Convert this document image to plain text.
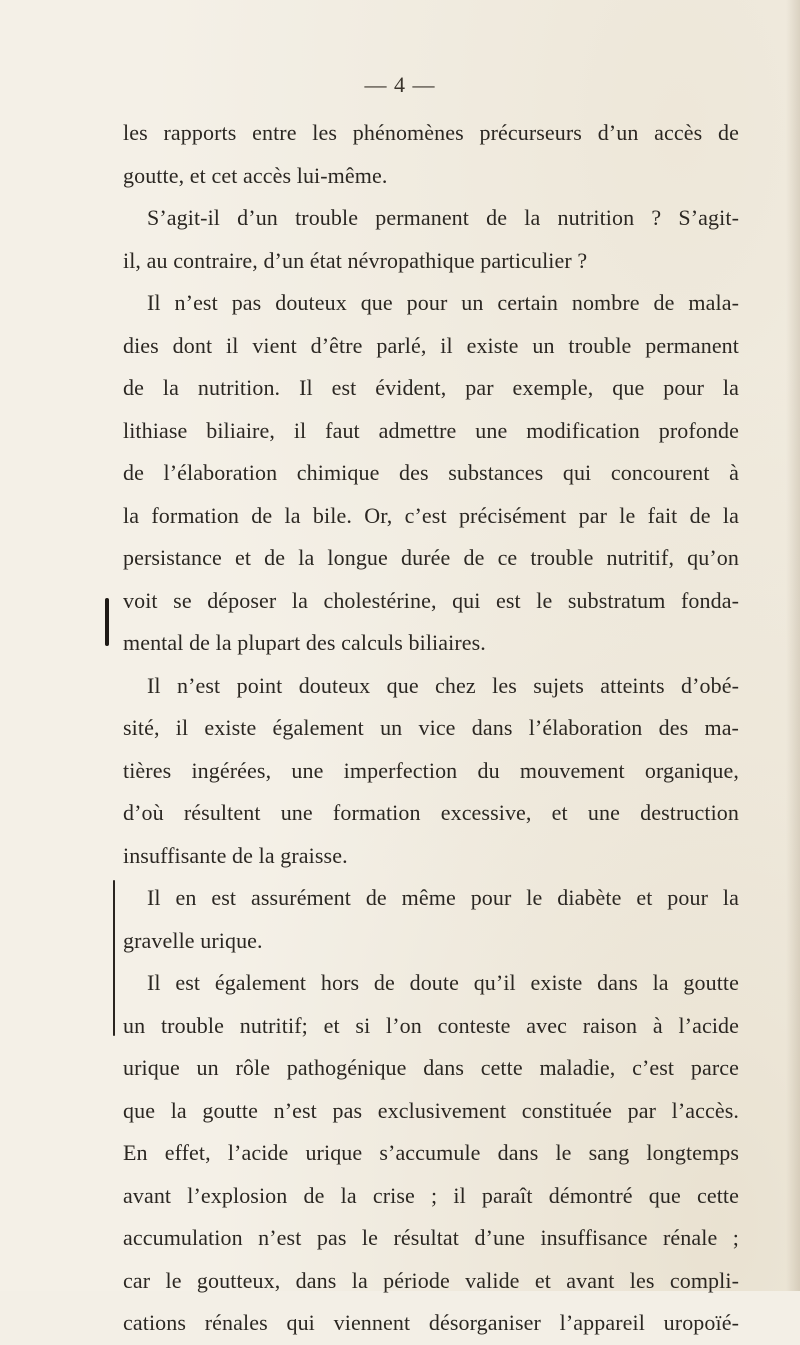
— 4 —
les rapports entre les phénomènes précurseurs d’un accès de
goutte, et cet accès lui-même.
S’agit-il d’un trouble permanent de la nutrition ? S’agit-
il, au contraire, d’un état névropathique particulier ?
Il n’est pas douteux que pour un certain nombre de mala-
dies dont il vient d’être parlé, il existe un trouble permanent
de la nutrition. Il est évident, par exemple, que pour la
lithiase biliaire, il faut admettre une modification profonde
de l’élaboration chimique des substances qui concourent à
la formation de la bile. Or, c’est précisément par le fait de la
persistance et de la longue durée de ce trouble nutritif, qu’on
voit se déposer la cholestérine, qui est le substratum fonda-
mental de la plupart des calculs biliaires.
Il n’est point douteux que chez les sujets atteints d’obé-
sité, il existe également un vice dans l’élaboration des ma-
tières ingérées, une imperfection du mouvement organique,
d’où résultent une formation excessive, et une destruction
insuffisante de la graisse.
Il en est assurément de même pour le diabète et pour la
gravelle urique.
Il est également hors de doute qu’il existe dans la goutte
un trouble nutritif; et si l’on conteste avec raison à l’acide
urique un rôle pathogénique dans cette maladie, c’est parce
que la goutte n’est pas exclusivement constituée par l’accès.
En effet, l’acide urique s’accumule dans le sang longtemps
avant l’explosion de la crise ; il paraît démontré que cette
accumulation n’est pas le résultat d’une insuffisance rénale ;
car le goutteux, dans la période valide et avant les compli-
cations rénales qui viennent désorganiser l’appareil uropoïé-
